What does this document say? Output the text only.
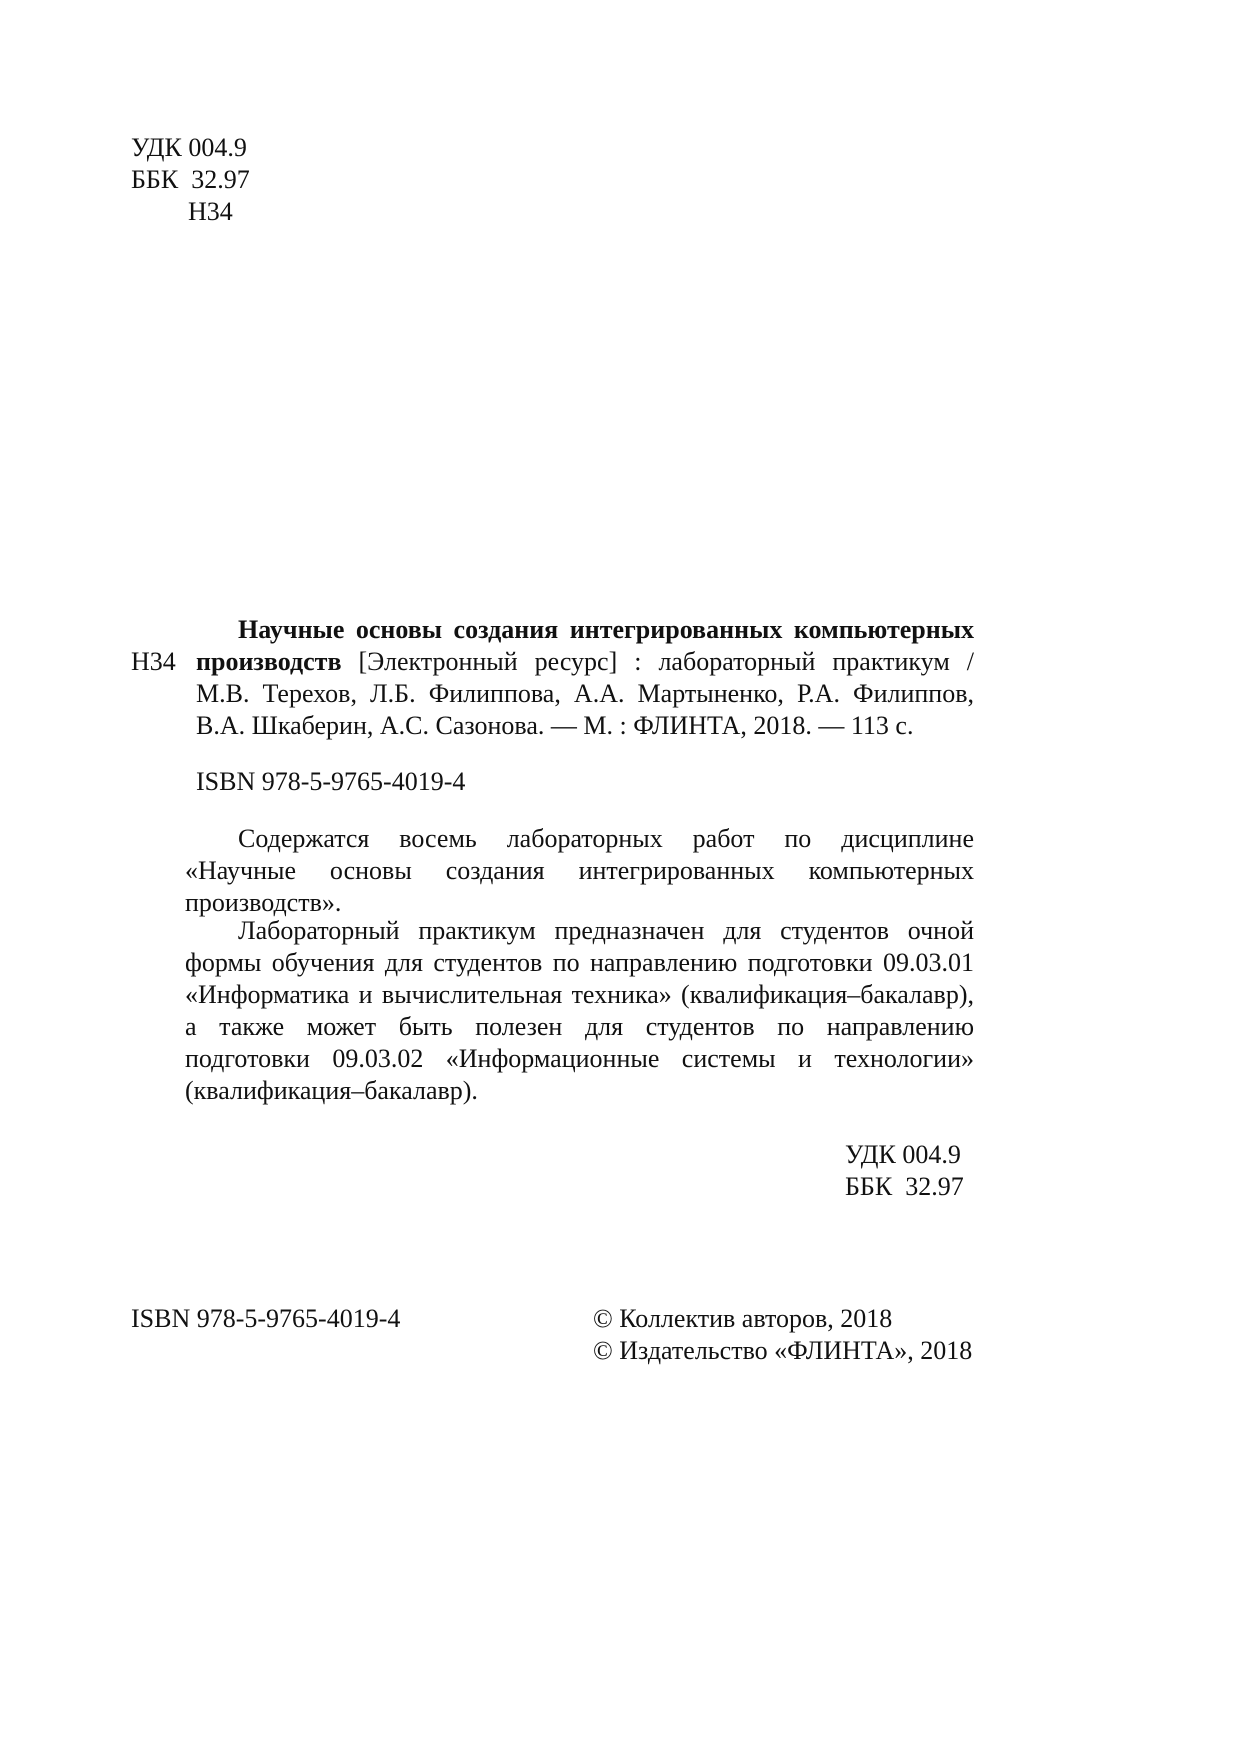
УДК 004.9
ББК  32.97
Н34
Научные основы создания интегрированных компьютерных
Н34 производств [Электронный ресурс] : лабораторный практикум /
М.В. Терехов, Л.Б. Филиппова, А.А. Мартыненко, Р.А. Филиппов,
В.А. Шкаберин, А.С. Сазонова. — М. : ФЛИНТА, 2018. — 113 с.
ISBN 978-5-9765-4019-4
Содержатся восемь лабораторных работ по дисциплине
«Научные основы создания интегрированных компьютерных
производств».
Лабораторный практикум предназначен для студентов очной
формы обучения для студентов по направлению подготовки 09.03.01
«Информатика и вычислительная техника» (квалификация–бакалавр),
а также может быть полезен для студентов по направлению
подготовки 09.03.02 «Информационные системы и технологии»
(квалификация–бакалавр).
УДК 004.9
ББК  32.97
ISBN 978-5-9765-4019-4	© Коллектив авторов, 2018
© Издательство «ФЛИНТА», 2018
